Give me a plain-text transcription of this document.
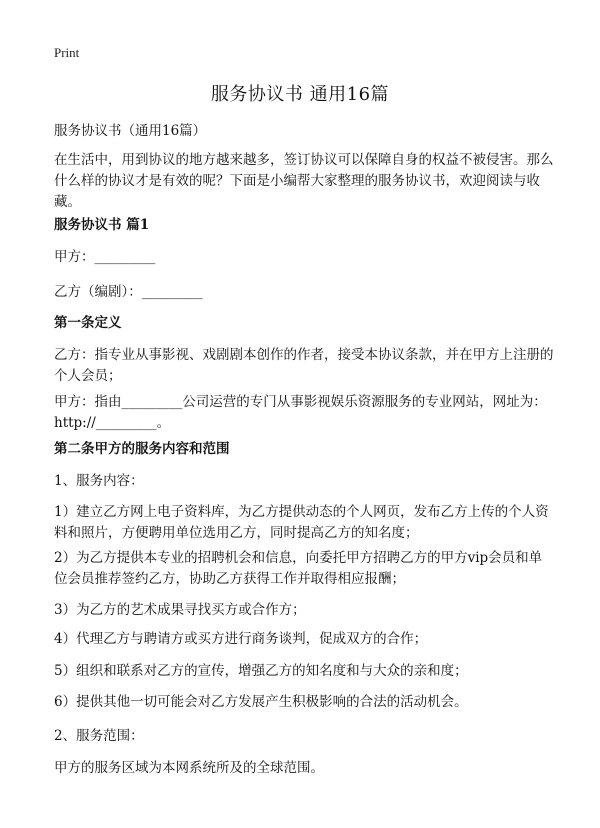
Print
服务协议书 通用16篇
服务协议书（通用16篇）
在生活中，用到协议的地方越来越多，签订协议可以保障自身的权益不被侵害。那么什么样的协议才是有效的呢？下面是小编帮大家整理的服务协议书，欢迎阅读与收藏。
服务协议书 篇1
甲方：_________
乙方（编剧）：_________
第一条定义
乙方：指专业从事影视、戏剧剧本创作的作者，接受本协议条款，并在甲方上注册的个人会员；
甲方：指由_________公司运营的专门从事影视娱乐资源服务的专业网站，网址为：http://_________。
第二条甲方的服务内容和范围
1、服务内容：
1）建立乙方网上电子资料库，为乙方提供动态的个人网页，发布乙方上传的个人资料和照片，方便聘用单位选用乙方，同时提高乙方的知名度；
2）为乙方提供本专业的招聘机会和信息，向委托甲方招聘乙方的甲方vip会员和单位会员推荐签约乙方，协助乙方获得工作并取得相应报酬；
3）为乙方的艺术成果寻找买方或合作方；
4）代理乙方与聘请方或买方进行商务谈判，促成双方的合作；
5）组织和联系对乙方的宣传，增强乙方的知名度和与大众的亲和度；
6）提供其他一切可能会对乙方发展产生积极影响的合法的活动机会。
2、服务范围：
甲方的服务区域为本网系统所及的全球范围。
